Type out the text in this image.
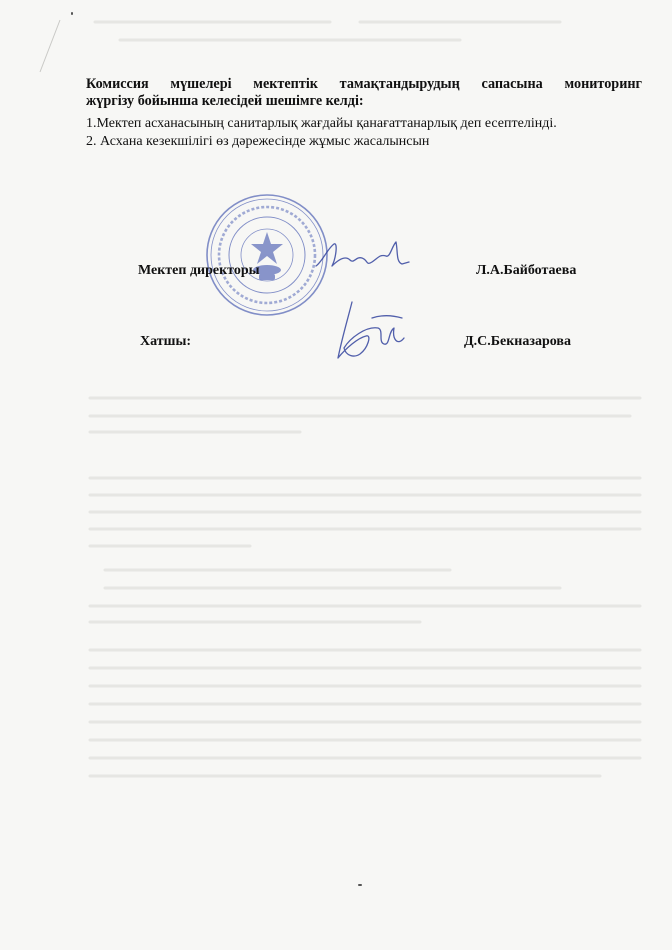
Комиссия мүшелері мектептік тамақтандырудың сапасына мониторинг
жүргізу бойынша келесідей шешімге келді:
1.Мектеп асханасының санитарлық жағдайы қанағаттанарлық деп есептелінді.
2. Асхана кезекшілігі өз дәрежесінде жұмыс жасалынсын
Мектеп директоры	Л.А.Байботаева
Хатшы:	Д.С.Бекназарова
